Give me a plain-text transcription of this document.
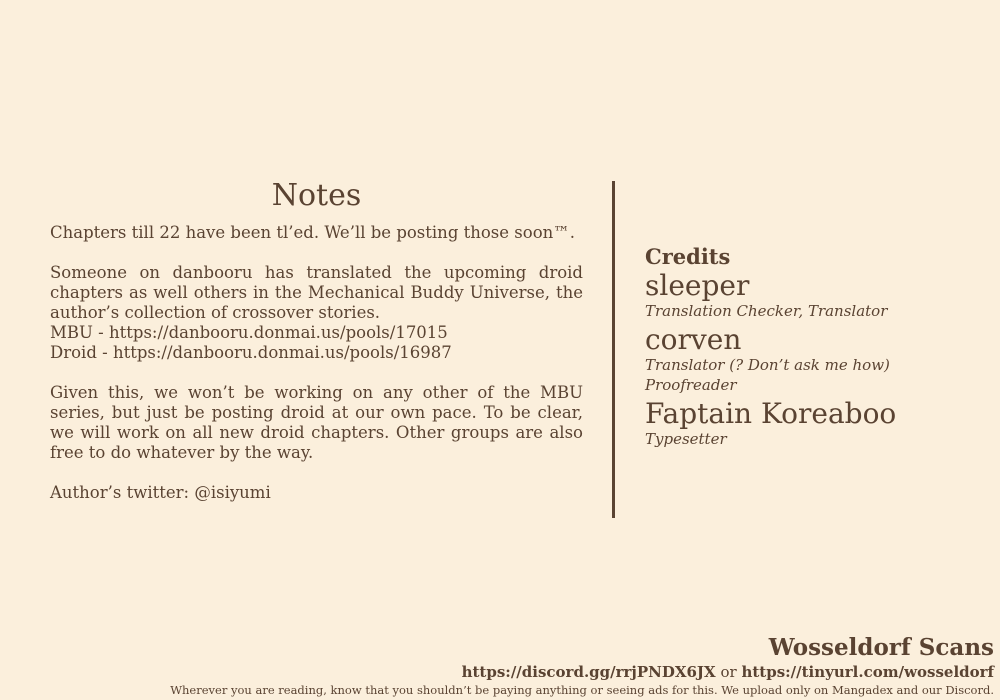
Notes

Chapters till 22 have been tl’ed. We’ll be posting those soon™.

Someone on danbooru has translated the upcoming droid chapters as well others in the Mechanical Buddy Universe, the author’s collection of crossover stories.
MBU - https://danbooru.donmai.us/pools/17015
Droid - https://danbooru.donmai.us/pools/16987

Given this, we won’t be working on any other of the MBU series, but just be posting droid at our own pace. To be clear, we will work on all new droid chapters. Other groups are also free to do whatever by the way.

Author’s twitter: @isiyumi

Credits
sleeper
Translation Checker, Translator
corven
Translator (? Don’t ask me how)
Proofreader
Faptain Koreaboo
Typesetter
Wosseldorf Scans
https://discord.gg/rrjPNDX6JX or https://tinyurl.com/wosseldorf
Wherever you are reading, know that you shouldn’t be paying anything or seeing ads for this. We upload only on Mangadex and our Discord.
